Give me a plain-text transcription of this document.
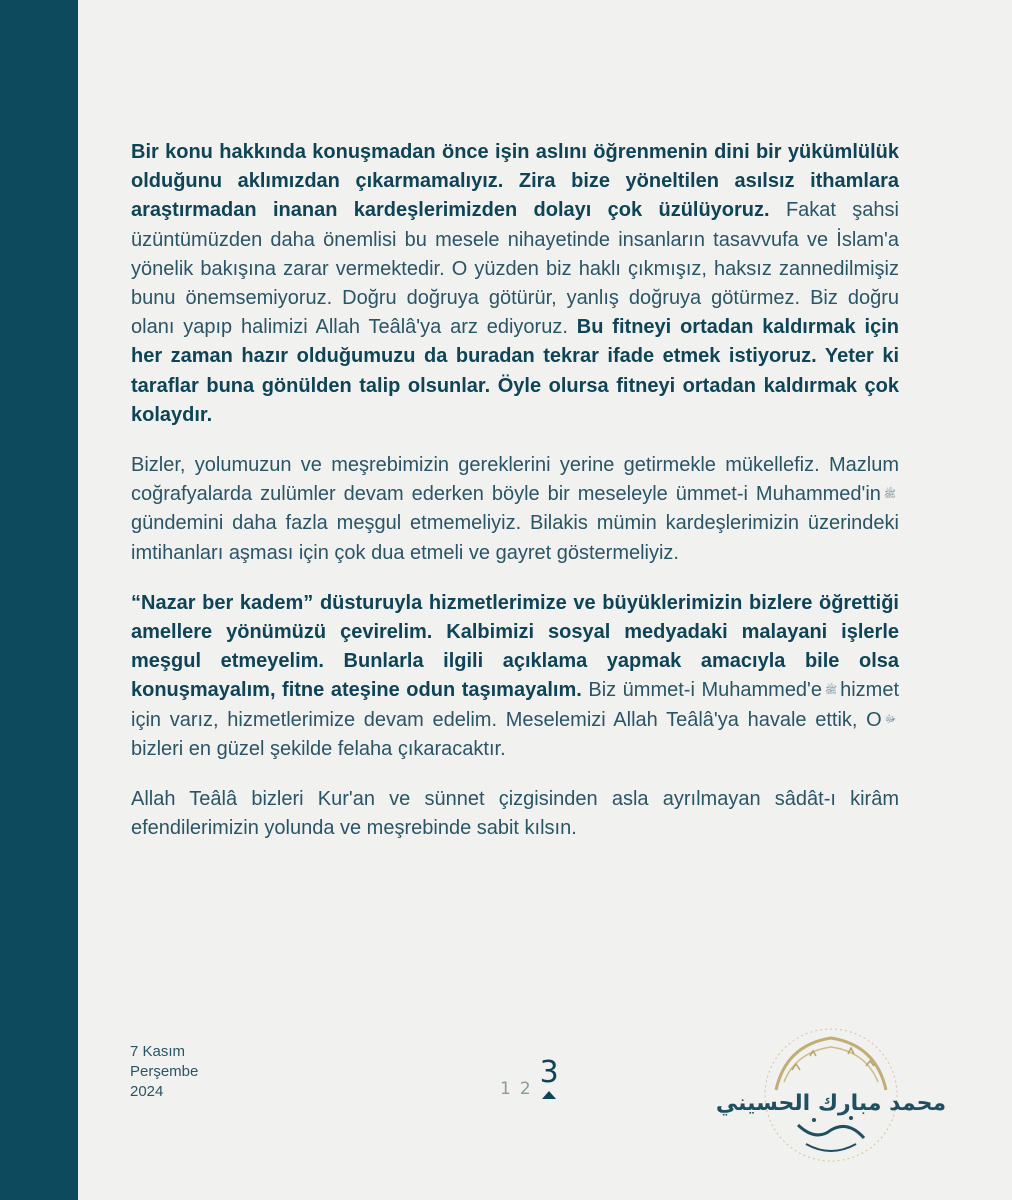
Bir konu hakkında konuşmadan önce işin aslını öğrenmenin dini bir yükümlülük olduğunu aklımızdan çıkarmamalıyız. Zira bize yöneltilen asılsız ithamlara araştırmadan inanan kardeşlerimizden dolayı çok üzülüyoruz. Fakat şahsi üzüntümüzden daha önemlisi bu mesele nihayetinde insanların tasavvufa ve İslam'a yönelik bakışına zarar vermektedir. O yüzden biz haklı çıkmışız, haksız zannedilmişiz bunu önemsemiyoruz. Doğru doğruya götürür, yanlış doğruya götürmez. Biz doğru olanı yapıp halimizi Allah Teâlâ'ya arz ediyoruz. Bu fitneyi ortadan kaldırmak için her zaman hazır olduğumuzu da buradan tekrar ifade etmek istiyoruz. Yeter ki taraflar buna gönülden talip olsunlar. Öyle olursa fitneyi ortadan kaldırmak çok kolaydır.

Bizler, yolumuzun ve meşrebimizin gereklerini yerine getirmekle mükellefiz. Mazlum coğrafyalarda zulümler devam ederken böyle bir meseleyle ümmet-i Muhammed'in ﷺgündemini daha fazla meşgul etmemeliyiz. Bilakis mümin kardeşlerimizin üzerindeki imtihanları aşması için çok dua etmeli ve gayret göstermeliyiz.

“Nazar ber kadem” düsturuyla hizmetlerimize ve büyüklerimizin bizlere öğrettiği amellere yönümüzü çevirelim. Kalbimizi sosyal medyadaki malayani işlerle meşgul etmeyelim. Bunlarla ilgili açıklama yapmak amacıyla bile olsa konuşmayalım, fitne ateşine odun taşımayalım. Biz ümmet-i Muhammed'e ﷺ hizmet için varız, hizmetlerimize devam edelim. Meselemizi Allah Teâlâ'ya havale ettik, O ﷻbizleri en güzel şekilde felaha çıkaracaktır.

Allah Teâlâ bizleri Kur'an ve sünnet çizgisinden asla ayrılmayan sâdât-ı kirâm efendilerimizin yolunda ve meşrebinde sabit kılsın.

7 Kasım
Perşembe
2024	1 2 3
محمد مبارك الحسيني
